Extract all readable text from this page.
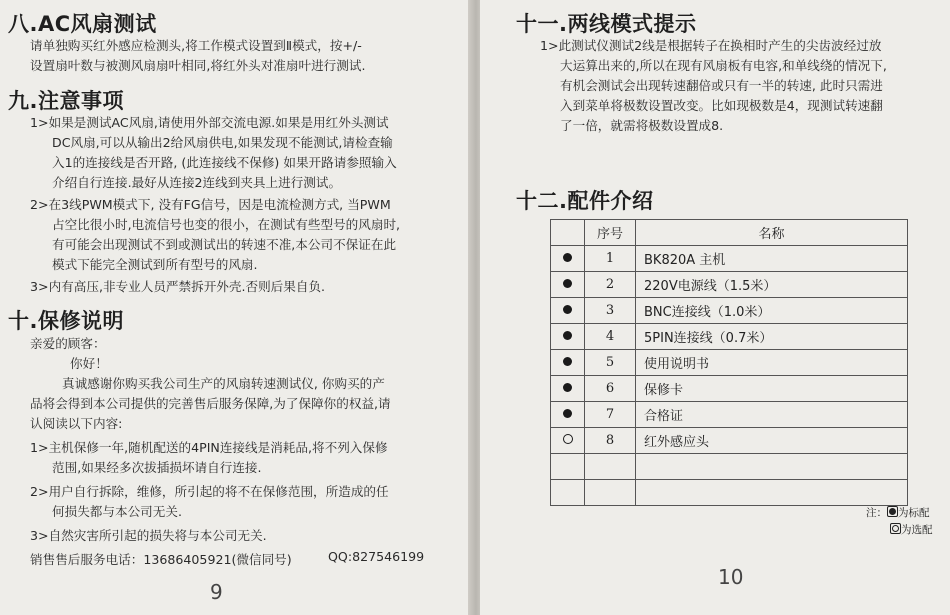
八.AC风扇测试
请单独购买红外感应检测头,将工作模式设置到Ⅱ模式，按+/-
设置扇叶数与被测风扇扇叶相同,将红外头对准扇叶进行测试.
九.注意事项
1>如果是测试AC风扇,请使用外部交流电源.如果是用红外头测试
DC风扇,可以从输出2给风扇供电,如果发现不能测试,请检查输
入1的连接线是否开路, (此连接线不保修) 如果开路请参照输入
介绍自行连接.最好从连接2连线到夹具上进行测试。
2>在3线PWM模式下, 没有FG信号，因是电流检测方式, 当PWM
占空比很小时,电流信号也变的很小，在测试有些型号的风扇时,
有可能会出现测试不到或测试出的转速不准,本公司不保证在此
模式下能完全测试到所有型号的风扇.
3>内有高压,非专业人员严禁拆开外壳.否则后果自负.
十.保修说明
亲爱的顾客：
你好！
真诚感谢你购买我公司生产的风扇转速测试仪, 你购买的产
品将会得到本公司提供的完善售后服务保障,为了保障你的权益,请
认阅读以下内容:
1>主机保修一年,随机配送的4PIN连接线是消耗品,将不列入保修
范围,如果经多次拔插损坏请自行连接.
2>用户自行拆除，维修，所引起的将不在保修范围，所造成的任
何损失都与本公司无关.
3>自然灾害所引起的损失将与本公司无关.
销售售后服务电话：13686405921(微信同号)	QQ:827546199
9
十一.两线模式提示
1>此测试仪测试2线是根据转子在换相时产生的尖齿波经过放
大运算出来的,所以在现有风扇板有电容,和单线绕的情况下,
有机会测试会出现转速翻倍或只有一半的转速, 此时只需进
入到菜单将极数设置改变。比如现极数是4，现测试转速翻
了一倍，就需将极数设置成8.
十二.配件介绍
	序号	名称
	1	BK820A 主机
	2	220V电源线（1.5米）
	3	BNC连接线（1.0米）
	4	5PIN连接线（0.7米）
	5	使用说明书
	6	保修卡
	7	合格证
	8	红外感应头

注： 为标配
为选配
10
